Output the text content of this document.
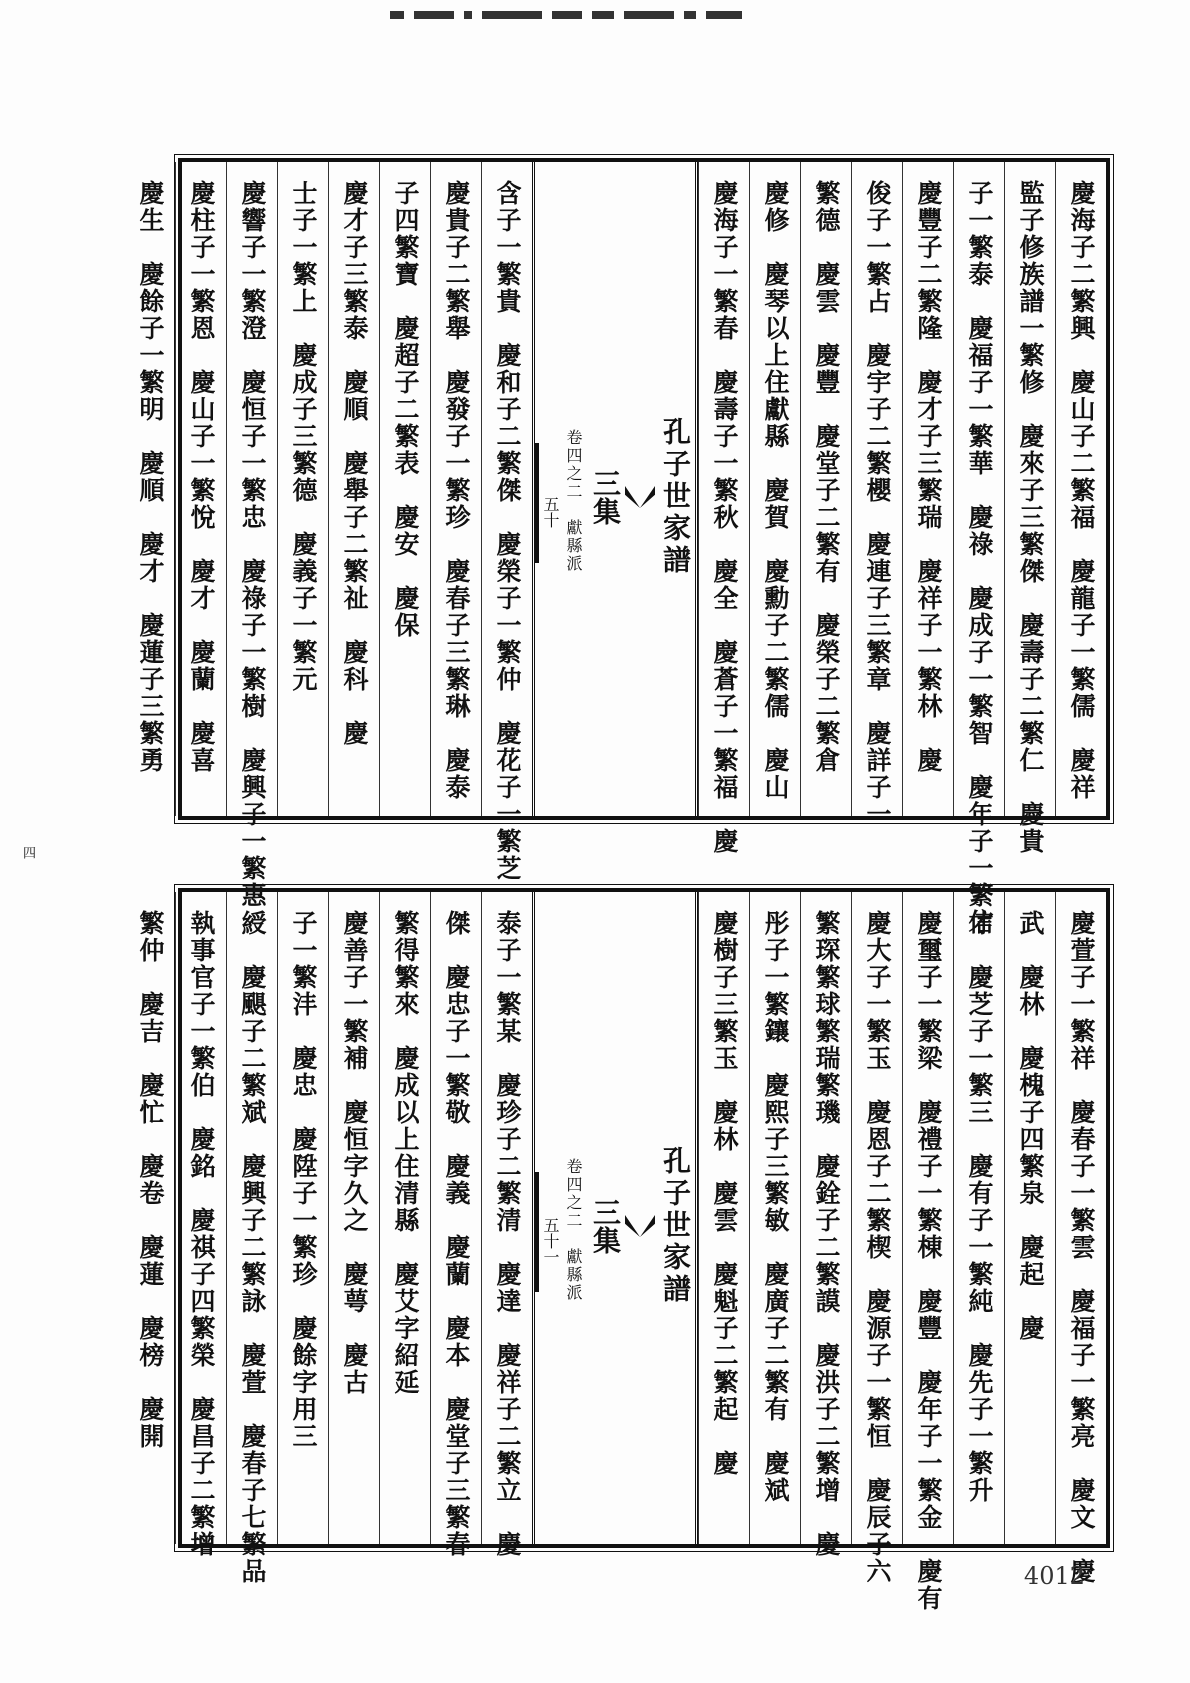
慶海子二繁興　慶山子二繁福　慶龍子一繁儒　慶祥
監子修族譜一繁修　慶來子三繁傑　慶壽子二繁仁　慶貴
子一繁泰　慶福子一繁華　慶祿　慶成子一繁智　慶年子一繁信
慶豐子二繁隆　慶才子三繁瑞　慶祥子一繁林　慶
俊子一繁占　慶宇子二繁櫻　慶連子三繁章　慶詳子一
繁德　慶雲　慶豐　慶堂子二繁有　慶榮子二繁倉
慶修　慶琴以上住獻縣　慶賀　慶勳子二繁儒　慶山
慶海子一繁春　慶壽子一繁秋　慶全　慶蒼子一繁福　慶
孔子世家譜
三集
卷四之二　獻縣派
五十
含子一繁貴　慶和子二繁傑　慶榮子一繁仲　慶花子一繁芝
慶貴子二繁舉　慶發子一繁珍　慶春子三繁琳　慶泰
子四繁寶　慶超子二繁表　慶安　慶保
慶才子三繁泰　慶順　慶舉子二繁祉　慶科　慶
士子一繁上　慶成子三繁德　慶義子一繁元
慶響子一繁澄　慶恒子一繁忠　慶祿子一繁樹　慶興子一繁惠
慶柱子一繁恩　慶山子一繁悅　慶才　慶蘭　慶喜
慶生　慶餘子一繁明　慶順　慶才　慶蓮子三繁勇
四
慶萱子一繁祥　慶春子一繁雲　慶福子一繁亮　慶文　慶
武　慶林　慶槐子四繁泉　慶起　慶
才　慶芝子一繁三　慶有子一繁純　慶先子一繁升
慶璽子一繁梁　慶禮子一繁棟　慶豐　慶年子一繁金　慶有
慶大子一繁玉　慶恩子二繁楔　慶源子一繁恒　慶辰子六
繁琛繁球繁瑞繁璣　慶銓子二繁謨　慶洪子二繁增　慶
彤子一繁鑲　慶熙子三繁敏　慶廣子二繁有　慶斌
慶樹子三繁玉　慶林　慶雲　慶魁子二繁起　慶
孔子世家譜
三集
卷四之二　獻縣派
五十一
泰子一繁某　慶珍子二繁清　慶達　慶祥子二繁立　慶
傑　慶忠子一繁敬　慶義　慶蘭　慶本　慶堂子三繁春
繁得繁來　慶成以上住清縣　慶艾字紹延
慶善子一繁補　慶恒字久之　慶萼　慶古
子一繁沣　慶忠　慶陞子一繁珍　慶餘字用三
綬　慶颶子二繁斌　慶興子二繁詠　慶萱　慶春子七繁品
執事官子一繁伯　慶銘　慶祺子四繁榮　慶昌子二繁增
繁仲　慶吉　慶忙　慶卷　慶蓮　慶榜　慶開
4012
